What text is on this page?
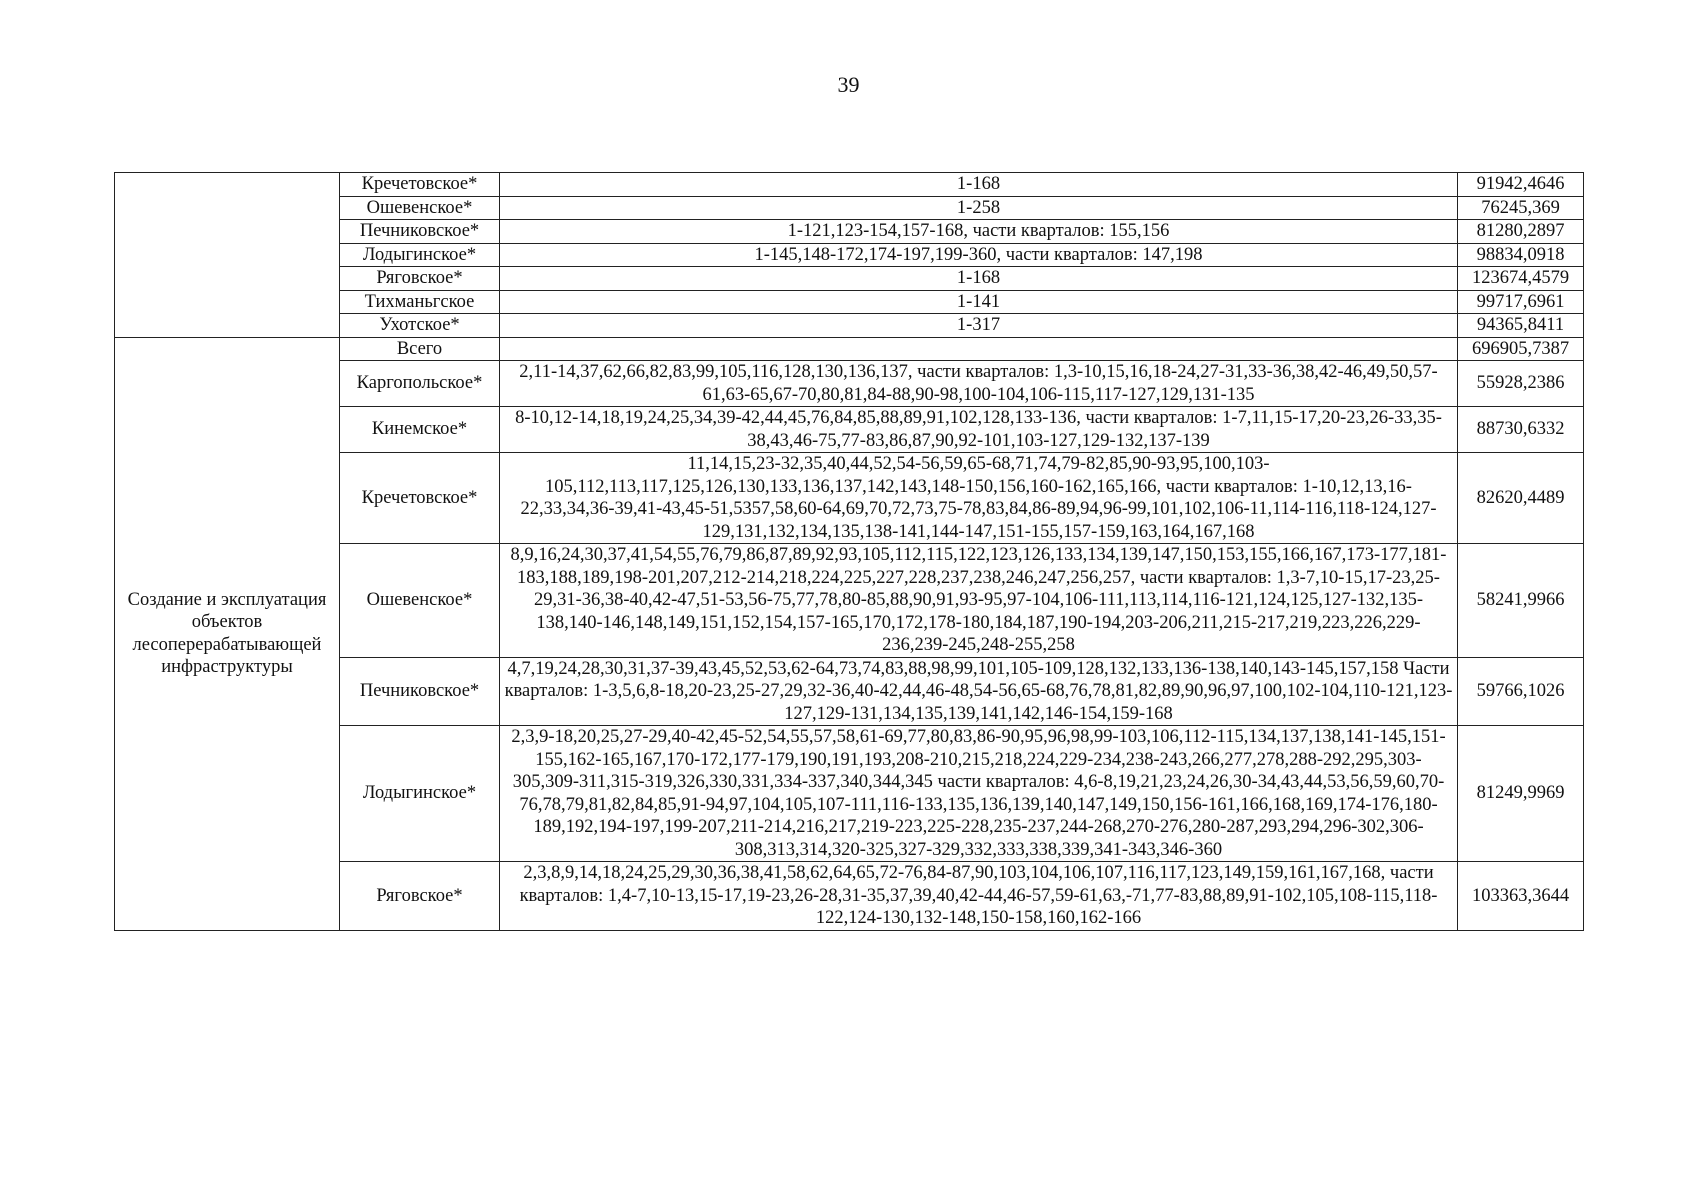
39
	Кречетовское*	1-168	91942,4646
	Ошевенское*	1-258	76245,369
	Печниковское*	1-121,123-154,157-168, части кварталов: 155,156	81280,2897
	Лодыгинское*	1-145,148-172,174-197,199-360, части кварталов: 147,198	98834,0918
	Ряговское*	1-168	123674,4579
	Тихманьгское	1-141	99717,6961
	Ухотское*	1-317	94365,8411
Создание и эксплуатация объектов лесоперерабатывающей инфраструктуры	Всего		696905,7387
	Каргопольское*	2,11-14,37,62,66,82,83,99,105,116,128,130,136,137, части кварталов: 1,3-10,15,16,18-24,27-31,33-36,38,42-46,49,50,57-61,63-65,67-70,80,81,84-88,90-98,100-104,106-115,117-127,129,131-135	55928,2386
	Кинемское*	8-10,12-14,18,19,24,25,34,39-42,44,45,76,84,85,88,89,91,102,128,133-136, части кварталов: 1-7,11,15-17,20-23,26-33,35-38,43,46-75,77-83,86,87,90,92-101,103-127,129-132,137-139	88730,6332
	Кречетовское*	11,14,15,23-32,35,40,44,52,54-56,59,65-68,71,74,79-82,85,90-93,95,100,103-105,112,113,117,125,126,130,133,136,137,142,143,148-150,156,160-162,165,166, части кварталов: 1-10,12,13,16-22,33,34,36-39,41-43,45-51,5357,58,60-64,69,70,72,73,75-78,83,84,86-89,94,96-99,101,102,106-11,114-116,118-124,127-129,131,132,134,135,138-141,144-147,151-155,157-159,163,164,167,168	82620,4489
	Ошевенское*	8,9,16,24,30,37,41,54,55,76,79,86,87,89,92,93,105,112,115,122,123,126,133,134,139,147,150,153,155,166,167,173-177,181-183,188,189,198-201,207,212-214,218,224,225,227,228,237,238,246,247,256,257, части кварталов: 1,3-7,10-15,17-23,25-29,31-36,38-40,42-47,51-53,56-75,77,78,80-85,88,90,91,93-95,97-104,106-111,113,114,116-121,124,125,127-132,135-138,140-146,148,149,151,152,154,157-165,170,172,178-180,184,187,190-194,203-206,211,215-217,219,223,226,229-236,239-245,248-255,258	58241,9966
	Печниковское*	4,7,19,24,28,30,31,37-39,43,45,52,53,62-64,73,74,83,88,98,99,101,105-109,128,132,133,136-138,140,143-145,157,158 Части кварталов: 1-3,5,6,8-18,20-23,25-27,29,32-36,40-42,44,46-48,54-56,65-68,76,78,81,82,89,90,96,97,100,102-104,110-121,123-127,129-131,134,135,139,141,142,146-154,159-168	59766,1026
	Лодыгинское*	2,3,9-18,20,25,27-29,40-42,45-52,54,55,57,58,61-69,77,80,83,86-90,95,96,98,99-103,106,112-115,134,137,138,141-145,151-155,162-165,167,170-172,177-179,190,191,193,208-210,215,218,224,229-234,238-243,266,277,278,288-292,295,303-305,309-311,315-319,326,330,331,334-337,340,344,345 части кварталов: 4,6-8,19,21,23,24,26,30-34,43,44,53,56,59,60,70-76,78,79,81,82,84,85,91-94,97,104,105,107-111,116-133,135,136,139,140,147,149,150,156-161,166,168,169,174-176,180-189,192,194-197,199-207,211-214,216,217,219-223,225-228,235-237,244-268,270-276,280-287,293,294,296-302,306-308,313,314,320-325,327-329,332,333,338,339,341-343,346-360	81249,9969
	Ряговское*	2,3,8,9,14,18,24,25,29,30,36,38,41,58,62,64,65,72-76,84-87,90,103,104,106,107,116,117,123,149,159,161,167,168, части кварталов: 1,4-7,10-13,15-17,19-23,26-28,31-35,37,39,40,42-44,46-57,59-61,63,-71,77-83,88,89,91-102,105,108-115,118-122,124-130,132-148,150-158,160,162-166	103363,3644
